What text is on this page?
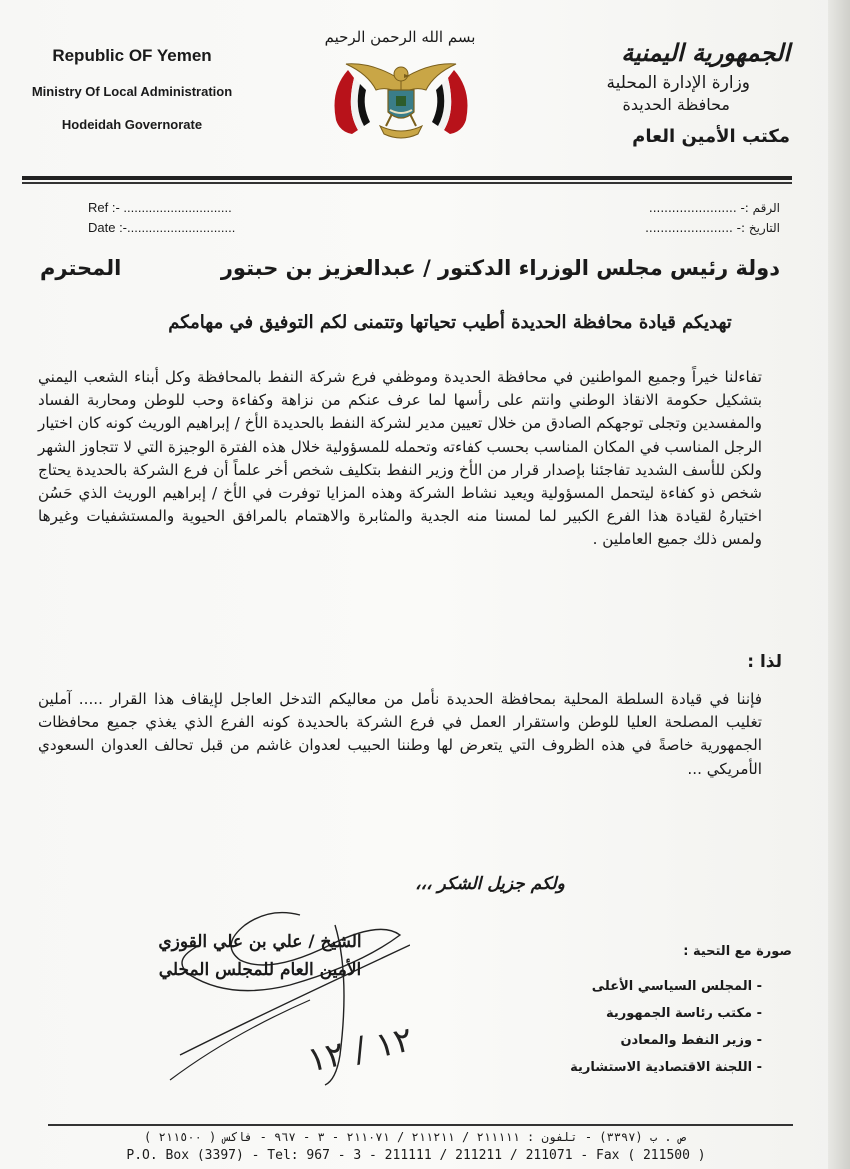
Republic OF Yemen
Ministry Of Local Administration
Hodeidah Governorate
بسم الله الرحمن الرحيم
الجمهورية اليمنية
وزارة الإدارة المحلية
محافظة الحديدة
مكتب الأمين العام
Ref :- ..............................
Date :-..............................
الرقم :- .......................
التاريخ :- .......................
دولة رئيس مجلس الوزراء الدكتور / عبدالعزيز بن حبتور
المحترم
تهديكم قيادة محافظة الحديدة أطيب تحياتها وتتمنى لكم التوفيق في مهامكم
تفاءلنا خيراً وجميع المواطنين في محافظة الحديدة وموظفي فرع شركة النفط بالمحافظة وكل أبناء الشعب اليمني بتشكيل حكومة الانقاذ الوطني وانتم على رأسها لما عرف عنكم من نزاهة وكفاءة وحب للوطن ومحاربة الفساد والمفسدين وتجلى توجهكم الصادق من خلال تعيين مدير لشركة النفط بالحديدة الأخ / إبراهيم الوريث كونه كان اختيار الرجل المناسب في المكان المناسب بحسب كفاءته وتحمله للمسؤولية خلال هذه الفترة الوجيزة التي لا تتجاوز الشهر ولكن للأسف الشديد تفاجئنا بإصدار قرار من الأخ وزير النفط بتكليف شخص أخر علماً أن فرع الشركة بالحديدة يحتاج شخص ذو كفاءة ليتحمل المسؤولية ويعيد نشاط الشركة وهذه المزايا توفرت في الأخ / إبراهيم الوريث الذي حَسُن اختيارهُ لقيادة هذا الفرع الكبير لما لمسنا منه الجدية والمثابرة والاهتمام بالمرافق الحيوية والمستشفيات وغيرها ولمس ذلك جميع العاملين .
لذا :
فإننا في قيادة السلطة المحلية بمحافظة الحديدة نأمل من معاليكم التدخل العاجل لإيقاف هذا القرار ..... آملين تغليب المصلحة العليا للوطن واستقرار العمل في فرع الشركة بالحديدة كونه الفرع الذي يغذي جميع محافظات الجمهورية خاصةً في هذه الظروف التي يتعرض لها وطننا الحبيب لعدوان غاشم من قبل تحالف العدوان السعودي الأمريكي ...
ولكم جزيل الشكر ،،،
الشيخ / علي بن علي القوزي
الأمين العام للمجلس المحلي
صورة مع التحية :
- المجلس السياسي الأعلى
- مكتب رئاسة الجمهورية
- وزير النفط والمعادن
- اللجنة الاقتصادية الاستشارية
١٢ / ١٢
ص . ب (٣٣٩٧) - تلفون : ٢١١١١١ / ٢١١٢١١ / ٢١١٠٧١ - ٣ - ٩٦٧ - فاكس ( ٢١١٥٠٠ )
P.O. Box (3397) - Tel: 967 - 3 - 211111 / 211211 / 211071 - Fax ( 211500 )
